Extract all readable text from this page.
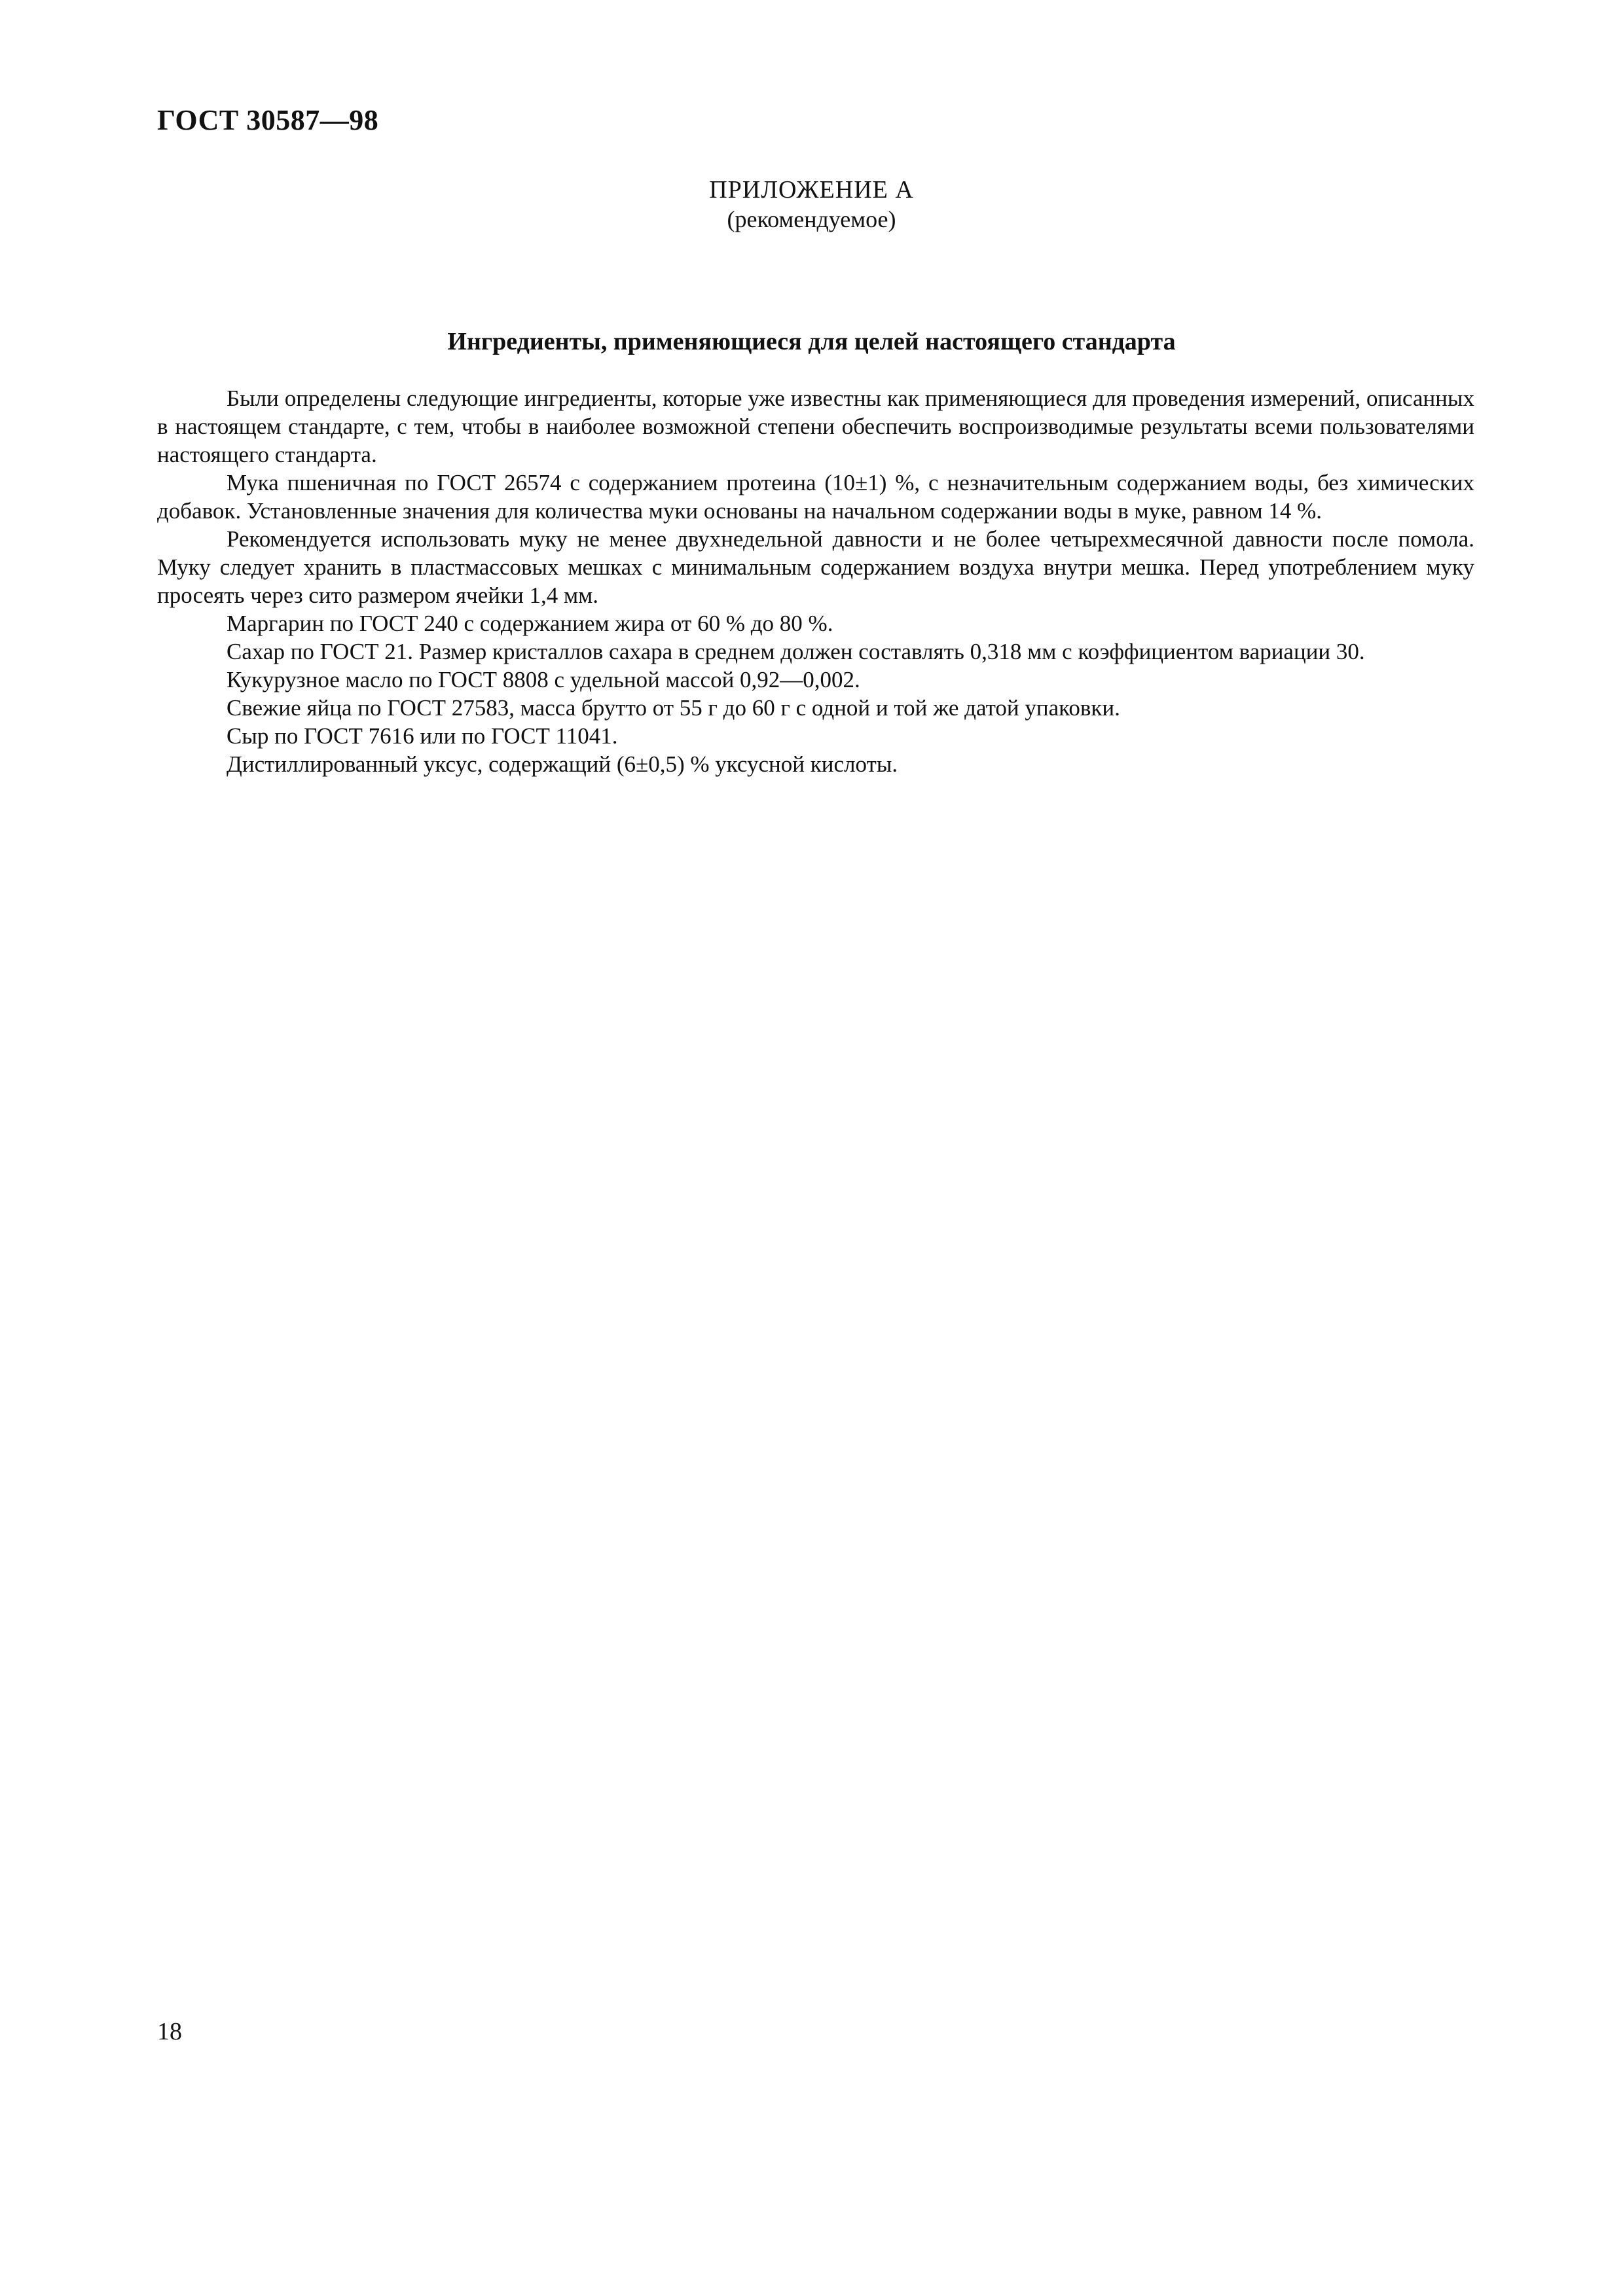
ГОСТ 30587—98
ПРИЛОЖЕНИЕ А
(рекомендуемое)
Ингредиенты, применяющиеся для целей настоящего стандарта

Были определены следующие ингредиенты, которые уже известны как применяющиеся для проведения измерений, описанных в настоящем стандарте, с тем, чтобы в наиболее возможной степени обеспечить воспроизводимые результаты всеми пользователями настоящего стандарта.

Мука пшеничная по ГОСТ 26574 с содержанием протеина (10±1) %, с незначительным содержанием воды, без химических добавок. Установленные значения для количества муки основаны на начальном содержании воды в муке, равном 14 %.

Рекомендуется использовать муку не менее двухнедельной давности и не более четырехмесячной давности после помола. Муку следует хранить в пластмассовых мешках с минимальным содержанием воздуха внутри мешка. Перед употреблением муку просеять через сито размером ячейки 1,4 мм.

Маргарин по ГОСТ 240 с содержанием жира от 60 % до 80 %.

Сахар по ГОСТ 21. Размер кристаллов сахара в среднем должен составлять 0,318 мм с коэффициентом вариации 30.

Кукурузное масло по ГОСТ 8808 с удельной массой 0,92—0,002.

Свежие яйца по ГОСТ 27583, масса брутто от 55 г до 60 г с одной и той же датой упаковки.

Сыр по ГОСТ 7616 или по ГОСТ 11041.

Дистиллированный уксус, содержащий (6±0,5) % уксусной кислоты.

18
